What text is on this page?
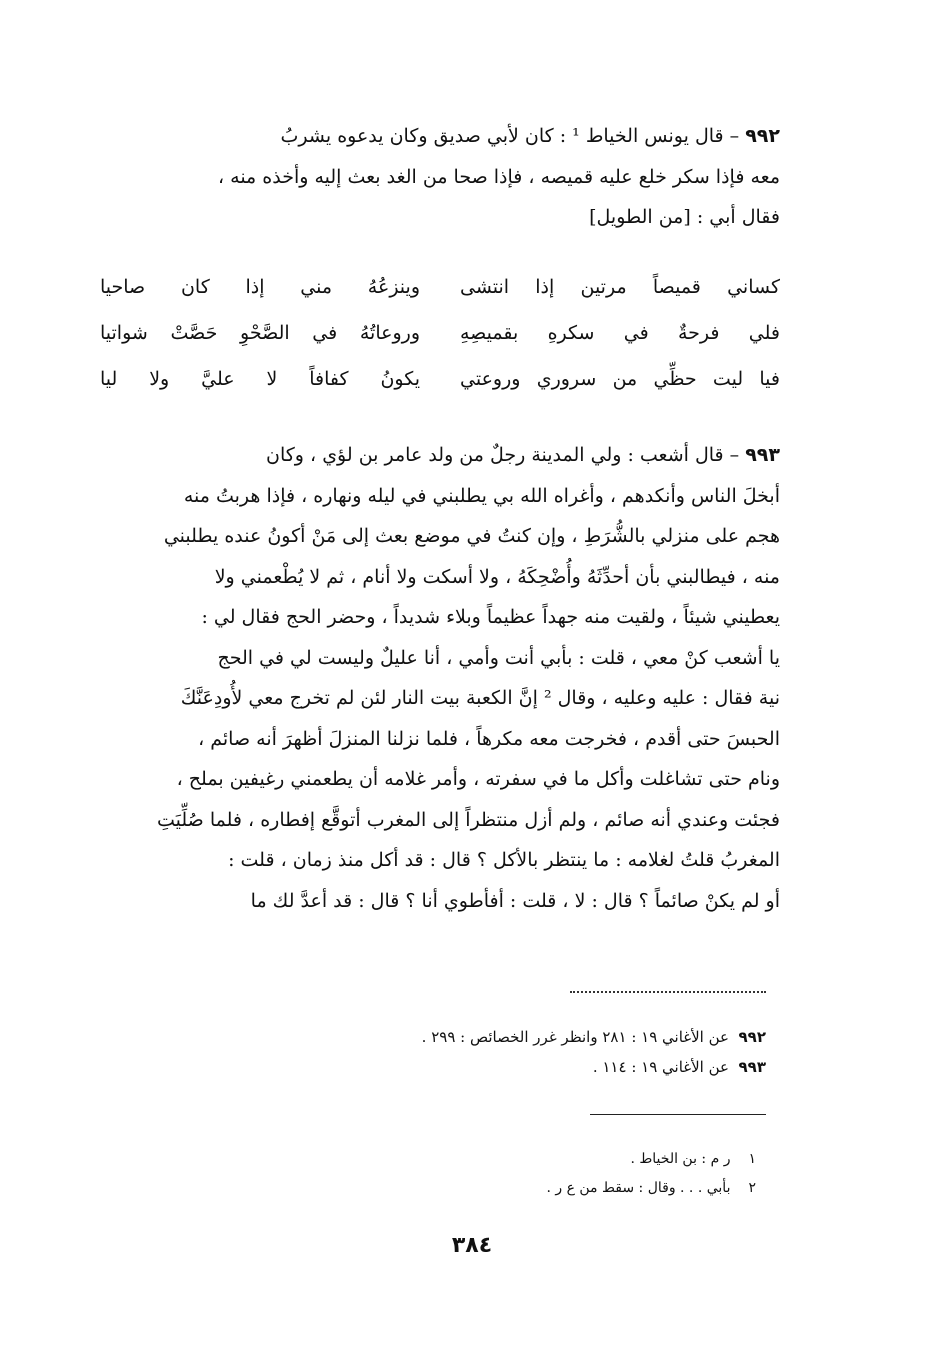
٩٩٢ – قال يونس الخياط ¹ : كان لأبي صديق وكان يدعوه يشربُ
معه فإذا سكر خلع عليه قميصه ، فإذا صحا من الغد بعث إليه وأخذه منه ،
فقال أبي : [من الطويل]
كساني قميصاً مرتين إذا انتشى
وينزعُهُ مني إذا كان صاحيا
فلي فرحةٌ في سكرهِ بقميصِهِ
وروعاتُهُ في الصَّحْوِ حَصَّتْ شواتيا
فيا ليت حظِّي من سروري وروعتي
يكونُ كفافاً لا عليَّ ولا ليا
٩٩٣ – قال أشعب : ولي المدينة رجلٌ من ولد عامر بن لؤي ، وكان
أبخلَ الناس وأنكدهم ، وأغراه الله بي يطلبني في ليله ونهاره ، فإذا هربتُ منه
هجم على منزلي بالشُّرَطِ ، وإن كنتُ في موضع بعث إلى مَنْ أكونُ عنده يطلبني
منه ، فيطالبني بأن أحدِّثَهُ وأُضْحِكَهُ ، ولا أسكت ولا أنام ، ثم لا يُطْعمني ولا
يعطيني شيئاً ، ولقيت منه جهداً عظيماً وبلاء شديداً ، وحضر الحج فقال لي :
يا أشعب كنْ معي ، قلت : بأبي أنت وأمي ، أنا عليلٌ وليست لي في الحج
نية فقال : عليه وعليه ، وقال ² إنَّ الكعبة بيت النار لئن لم تخرج معي لأُودِعَنَّكَ
الحبسَ حتى أقدم ، فخرجت معه مكرهاً ، فلما نزلنا المنزلَ أظهرَ أنه صائم ،
ونام حتى تشاغلت وأكل ما في سفرته ، وأمر غلامه أن يطعمني رغيفين بملح ،
فجئت وعندي أنه صائم ، ولم أزل منتظراً إلى المغرب أتوقَّع إفطاره ، فلما صُلِّيَتِ
المغربُ قلتُ لغلامه : ما ينتظر بالأكل ؟ قال : قد أكل منذ زمان ، قلت :
أو لم يكنْ صائماً ؟ قال : لا ، قلت : أفأطوي أنا ؟ قال : قد أعدَّ لك ما
٩٩٢  عن الأغاني ١٩ : ٢٨١ وانظر غرر الخصائص : ٢٩٩ .
٩٩٣  عن الأغاني ١٩ : ١١٤ .
١ر م : بن الخياط .
٢بأبي . . . وقال : سقط من ع ر .
٣٨٤
